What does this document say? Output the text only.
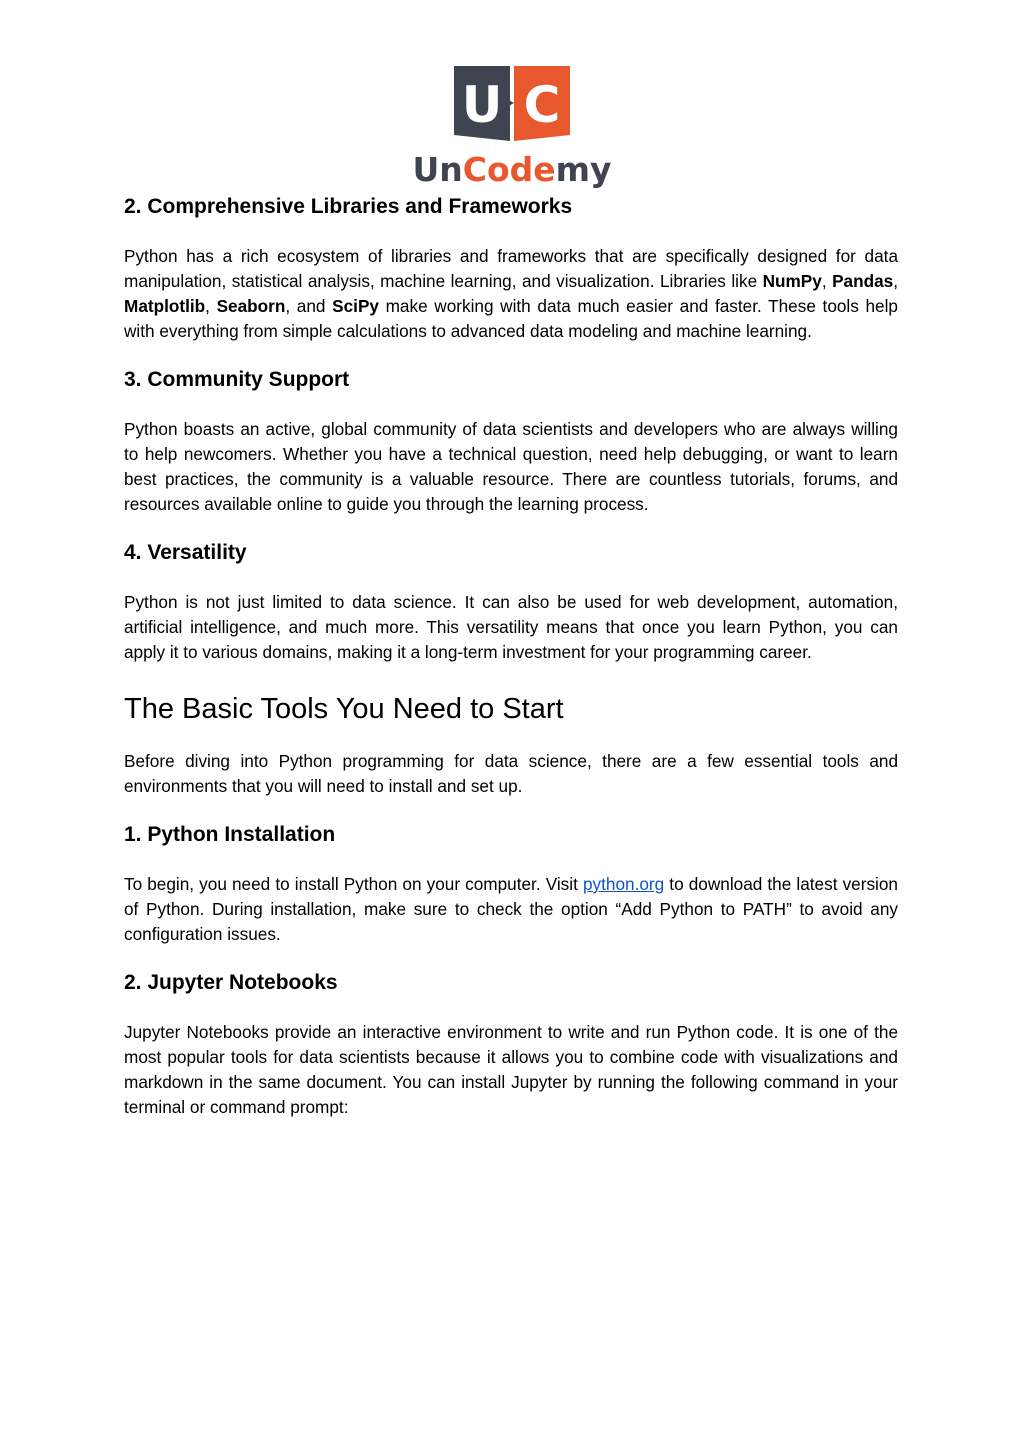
U C
UnCodemy
2. Comprehensive Libraries and Frameworks

Python has a rich ecosystem of libraries and frameworks that are specifically designed for data manipulation, statistical analysis, machine learning, and visualization. Libraries like NumPy, Pandas, Matplotlib, Seaborn, and SciPy make working with data much easier and faster. These tools help with everything from simple calculations to advanced data modeling and machine learning.

3. Community Support

Python boasts an active, global community of data scientists and developers who are always willing to help newcomers. Whether you have a technical question, need help debugging, or want to learn best practices, the community is a valuable resource. There are countless tutorials, forums, and resources available online to guide you through the learning process.

4. Versatility

Python is not just limited to data science. It can also be used for web development, automation, artificial intelligence, and much more. This versatility means that once you learn Python, you can apply it to various domains, making it a long-term investment for your programming career.

The Basic Tools You Need to Start

Before diving into Python programming for data science, there are a few essential tools and environments that you will need to install and set up.

1. Python Installation

To begin, you need to install Python on your computer. Visit python.org to download the latest version of Python. During installation, make sure to check the option “Add Python to PATH” to avoid any configuration issues.

2. Jupyter Notebooks

Jupyter Notebooks provide an interactive environment to write and run Python code. It is one of the most popular tools for data scientists because it allows you to combine code with visualizations and markdown in the same document. You can install Jupyter by running the following command in your terminal or command prompt:
